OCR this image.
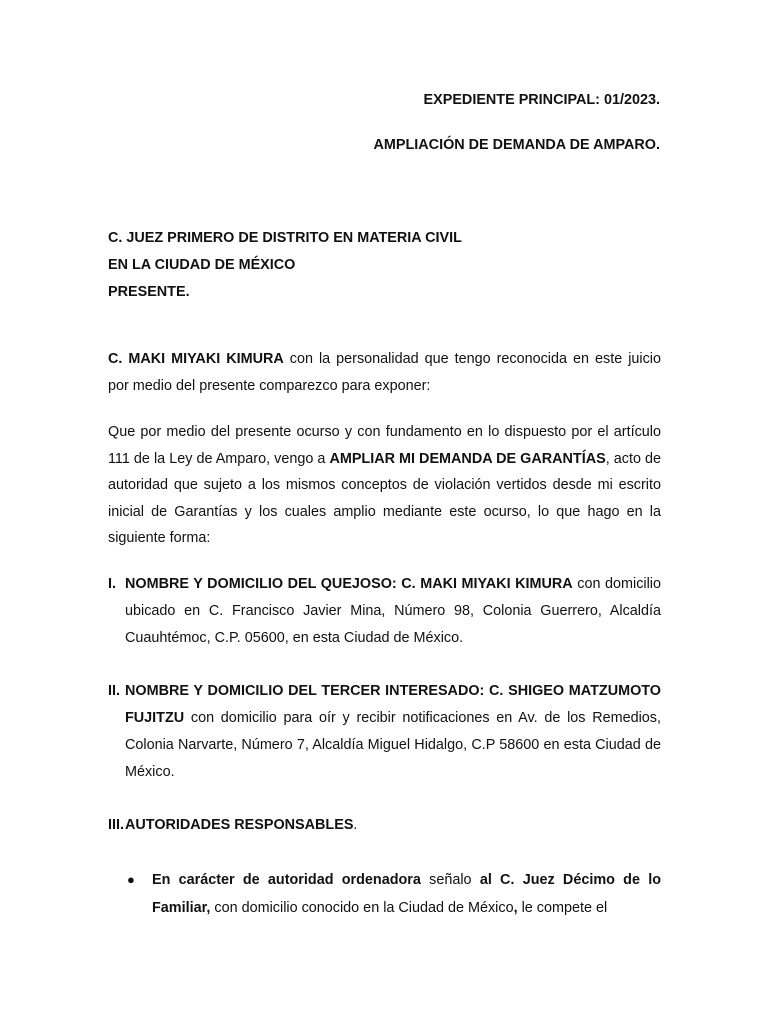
EXPEDIENTE PRINCIPAL: 01/2023.
AMPLIACIÓN DE DEMANDA DE AMPARO.
C. JUEZ PRIMERO DE DISTRITO EN MATERIA CIVIL
EN LA CIUDAD DE MÉXICO
PRESENTE.
C. MAKI MIYAKI KIMURA con la personalidad que tengo reconocida en este juicio por medio del presente comparezco para exponer:
Que por medio del presente ocurso y con fundamento en lo dispuesto por el artículo 111 de la Ley de Amparo, vengo a AMPLIAR MI DEMANDA DE GARANTÍAS, acto de autoridad que sujeto a los mismos conceptos de violación vertidos desde mi escrito inicial de Garantías y los cuales amplio mediante este ocurso, lo que hago en la siguiente forma:
I. NOMBRE Y DOMICILIO DEL QUEJOSO: C. MAKI MIYAKI KIMURA con domicilio ubicado en C. Francisco Javier Mina, Número 98, Colonia Guerrero, Alcaldía Cuauhtémoc, C.P. 05600, en esta Ciudad de México.
II. NOMBRE Y DOMICILIO DEL TERCER INTERESADO: C. SHIGEO MATZUMOTO FUJITZU con domicilio para oír y recibir notificaciones en Av. de los Remedios, Colonia Narvarte, Número 7, Alcaldía Miguel Hidalgo, C.P 58600 en esta Ciudad de México.
III. AUTORIDADES RESPONSABLES.
● En carácter de autoridad ordenadora señalo al C. Juez Décimo de lo Familiar, con domicilio conocido en la Ciudad de México, le compete el
